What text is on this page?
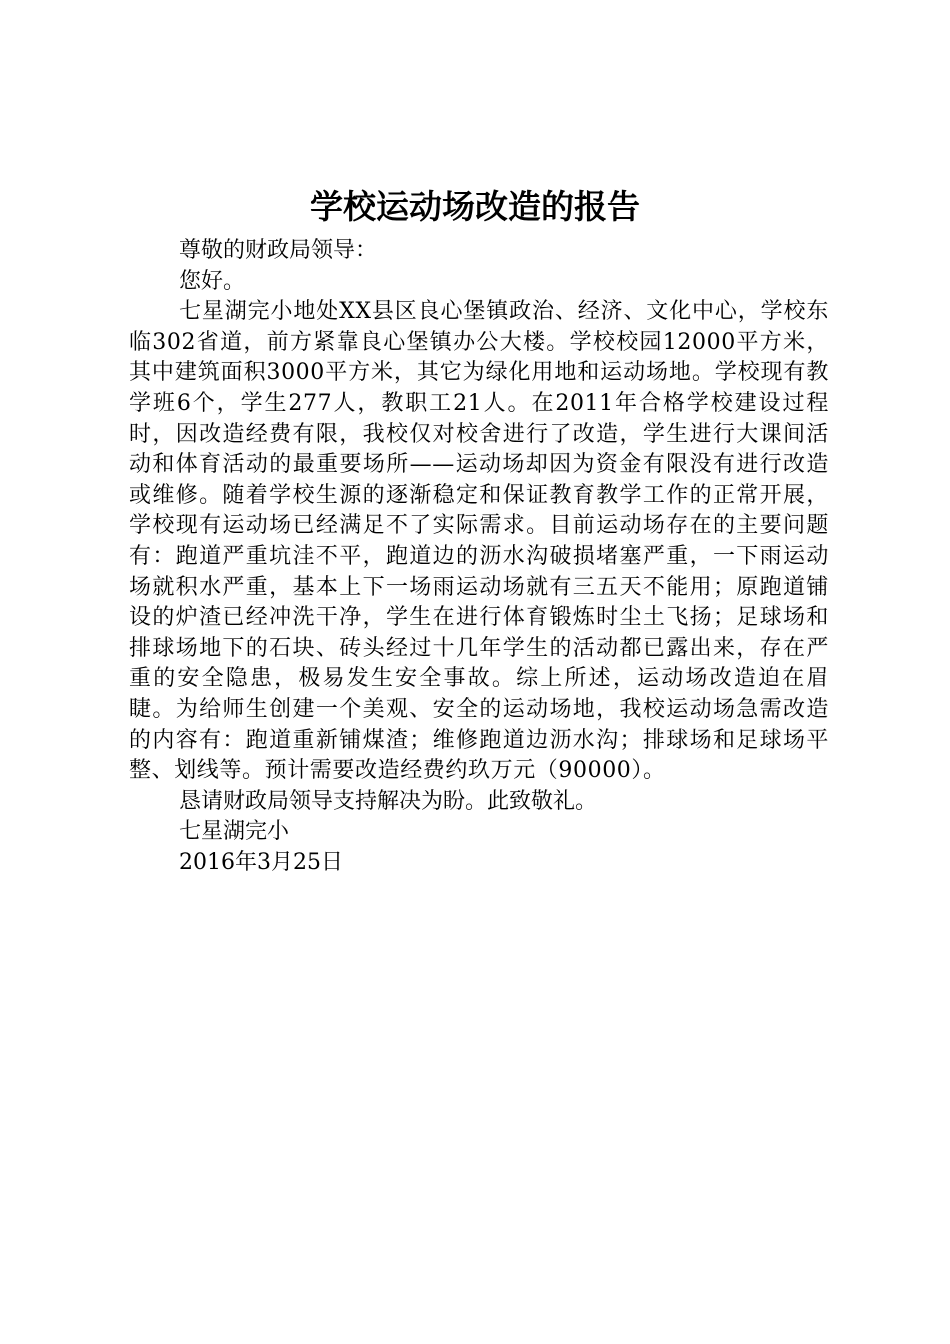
学校运动场改造的报告

尊敬的财政局领导：

您好。

七星湖完小地处XX县区良心堡镇政治、经济、文化中心，学校东临302省道，前方紧靠良心堡镇办公大楼。学校校园12000平方米，其中建筑面积3000平方米，其它为绿化用地和运动场地。学校现有教学班6个，学生277人，教职工21人。在2011年合格学校建设过程时，因改造经费有限，我校仅对校舍进行了改造，学生进行大课间活动和体育活动的最重要场所——运动场却因为资金有限没有进行改造或维修。随着学校生源的逐渐稳定和保证教育教学工作的正常开展，学校现有运动场已经满足不了实际需求。目前运动场存在的主要问题有：跑道严重坑洼不平，跑道边的沥水沟破损堵塞严重，一下雨运动场就积水严重，基本上下一场雨运动场就有三五天不能用；原跑道铺设的炉渣已经冲洗干净，学生在进行体育锻炼时尘土飞扬；足球场和排球场地下的石块、砖头经过十几年学生的活动都已露出来，存在严重的安全隐患，极易发生安全事故。综上所述，运动场改造迫在眉睫。为给师生创建一个美观、安全的运动场地，我校运动场急需改造的内容有：跑道重新铺煤渣；维修跑道边沥水沟；排球场和足球场平整、划线等。预计需要改造经费约玖万元（90000）。

恳请财政局领导支持解决为盼。此致敬礼。

七星湖完小

2016年3月25日
